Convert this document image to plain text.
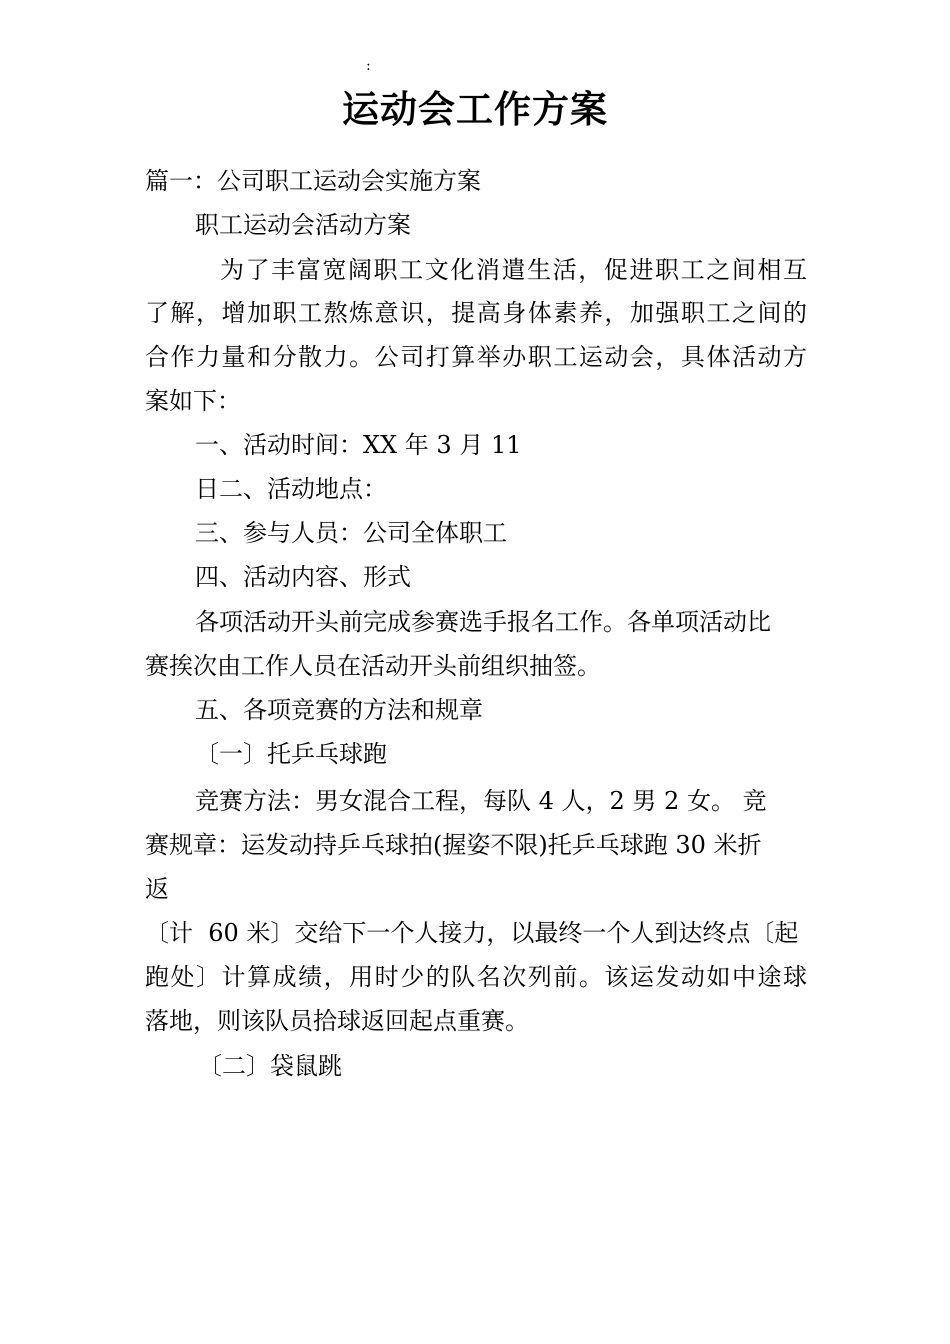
:
运动会工作方案
篇一：公司职工运动会实施方案
职工运动会活动方案
为了丰富宽阔职工文化消遣生活，促进职工之间相互
了解，增加职工熬炼意识，提高身体素养，加强职工之间的
合作力量和分散力。公司打算举办职工运动会，具体活动方
案如下：
一、活动时间：XX 年 3 月 11
日二、活动地点：
三、参与人员：公司全体职工
四、活动内容、形式
各项活动开头前完成参赛选手报名工作。各单项活动比
赛挨次由工作人员在活动开头前组织抽签。
五、各项竞赛的方法和规章
〔一〕托乒乓球跑
竞赛方法：男女混合工程，每队 4 人，2 男 2 女。 竞
赛规章：运发动持乒乓球拍(握姿不限)托乒乓球跑 30 米折
返
〔计  60 米〕交给下一个人接力，以最终一个人到达终点〔起
跑处〕计算成绩，用时少的队名次列前。该运发动如中途球
落地，则该队员拾球返回起点重赛。
〔二〕袋鼠跳
